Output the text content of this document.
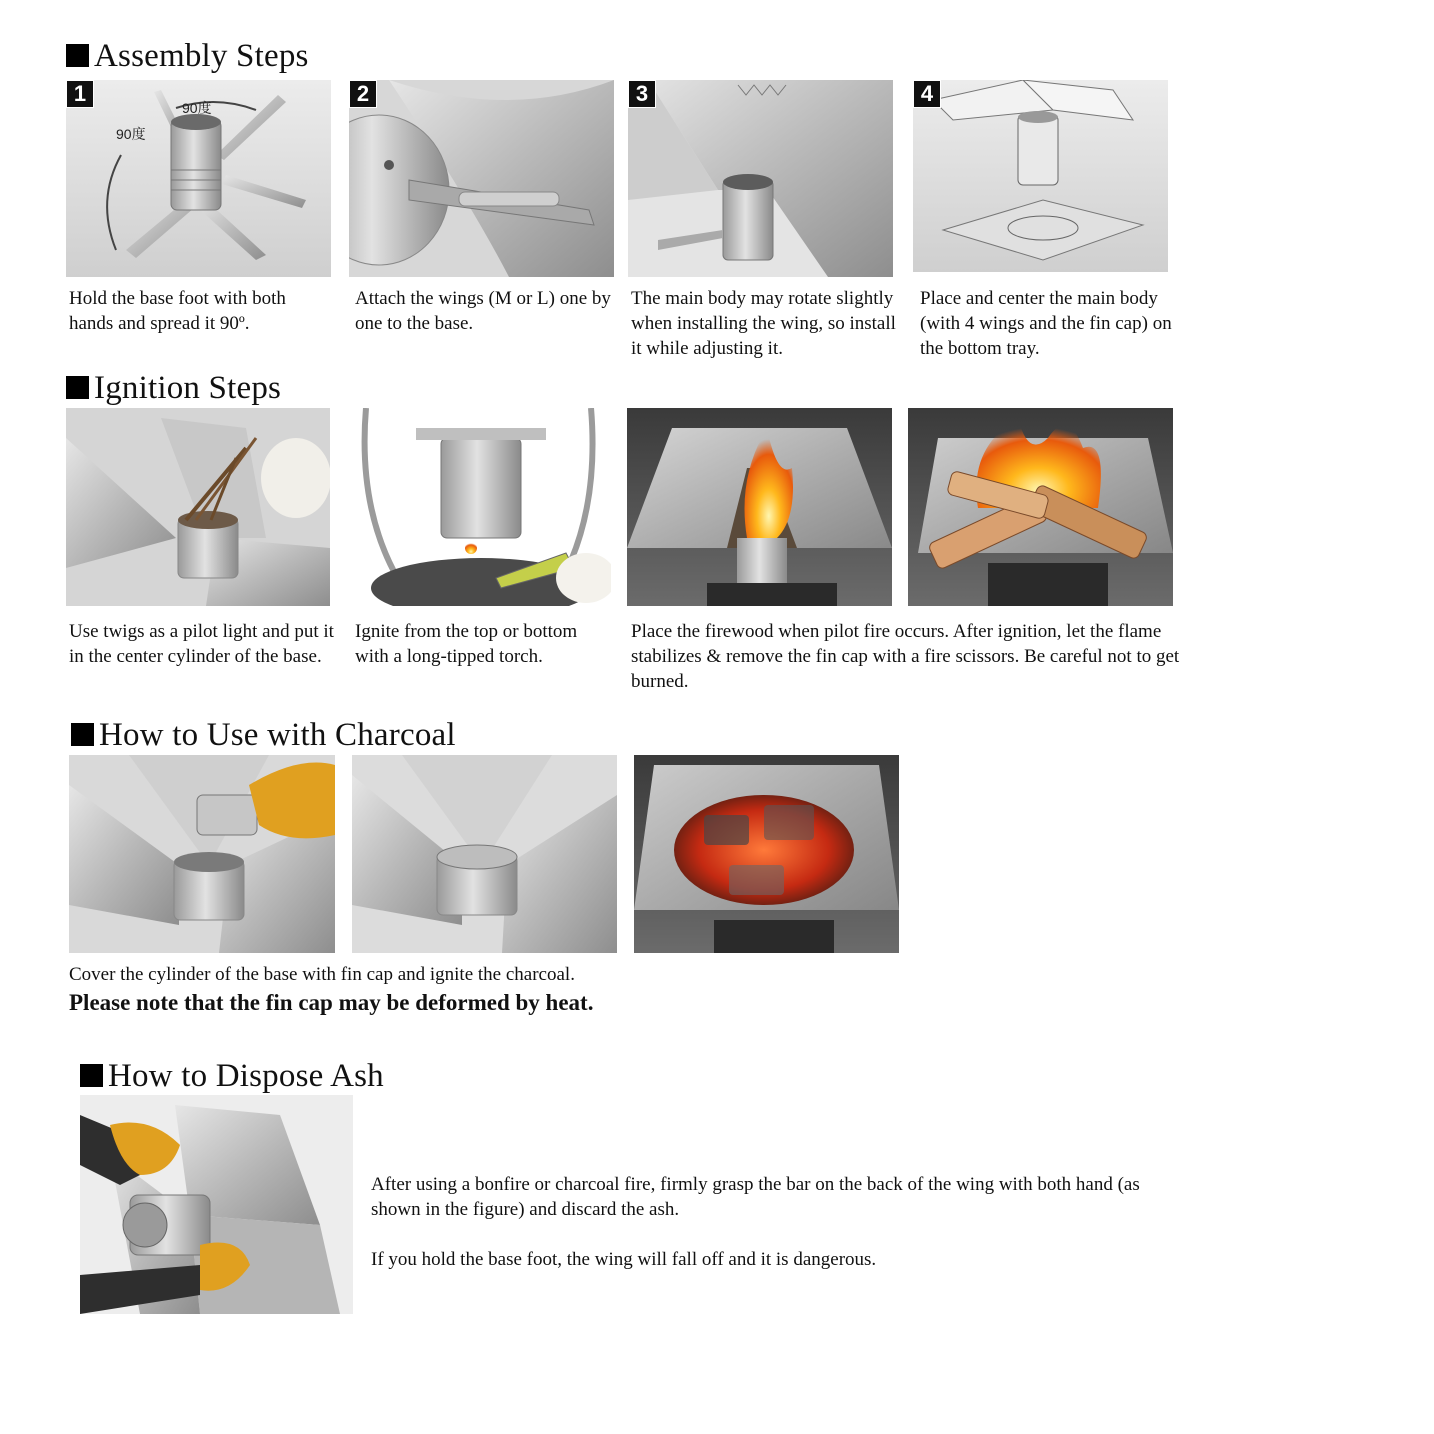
Assembly Steps
1
90度
90度
Hold the base foot with both hands and spread it 90º.
2
Attach the wings (M or L) one by one to the base.
3
The main body may rotate slightly when installing the wing, so install it while adjusting it.
4
Place and center the main body (with 4 wings and the fin cap) on the bottom tray.
Ignition Steps
Use twigs as a pilot light and put it in the center cylinder of the base.
Ignite from the top or bottom with a long-tipped torch.
Place the firewood when pilot fire occurs. After ignition, let the flame stabilizes & remove the fin cap with a fire scissors. Be careful not to get burned.
How to Use with Charcoal
Cover the cylinder of the base with fin cap and ignite the charcoal.
Please note that the fin cap may be deformed by heat.
How to Dispose Ash
After using a bonfire or charcoal fire, firmly grasp the bar on the back of the wing with both hand (as shown in the figure) and discard the ash.
If you hold the base foot, the wing will fall off and it is dangerous.
